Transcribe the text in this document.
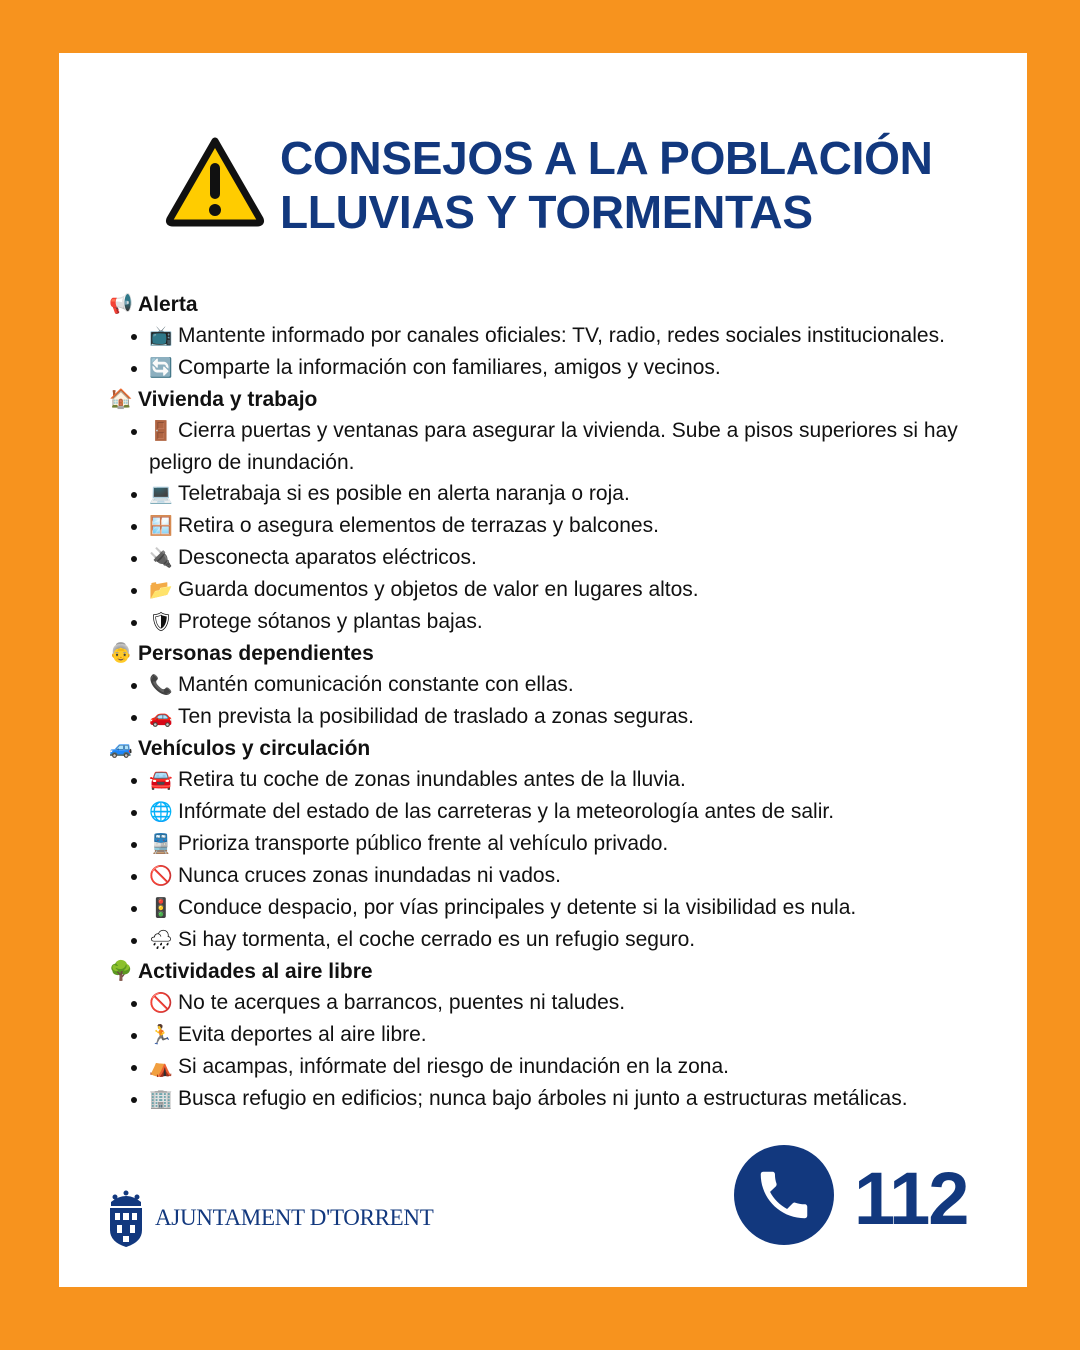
CONSEJOS A LA POBLACIÓN
LLUVIAS Y TORMENTAS
📢 Alerta
📺 Mantente informado por canales oficiales: TV, radio, redes sociales institucionales.
🔄 Comparte la información con familiares, amigos y vecinos.
🏠 Vivienda y trabajo
🚪 Cierra puertas y ventanas para asegurar la vivienda. Sube a pisos superiores si hay peligro de inundación.
💻 Teletrabaja si es posible en alerta naranja o roja.
🪟 Retira o asegura elementos de terrazas y balcones.
🔌 Desconecta aparatos eléctricos.
📂 Guarda documentos y objetos de valor en lugares altos.
🛡 Protege sótanos y plantas bajas.
👵 Personas dependientes
📞 Mantén comunicación constante con ellas.
🚗 Ten prevista la posibilidad de traslado a zonas seguras.
🚙 Vehículos y circulación
🚘 Retira tu coche de zonas inundables antes de la lluvia.
🌐 Infórmate del estado de las carreteras y la meteorología antes de salir.
🚆 Prioriza transporte público frente al vehículo privado.
🚫 Nunca cruces zonas inundadas ni vados.
🚦 Conduce despacio, por vías principales y detente si la visibilidad es nula.
🌧 Si hay tormenta, el coche cerrado es un refugio seguro.
🌳 Actividades al aire libre
🚫 No te acerques a barrancos, puentes ni taludes.
🏃 Evita deportes al aire libre.
⛺ Si acampas, infórmate del riesgo de inundación en la zona.
🏢 Busca refugio en edificios; nunca bajo árboles ni junto a estructuras metálicas.
AJUNTAMENT D'TORRENT	112
